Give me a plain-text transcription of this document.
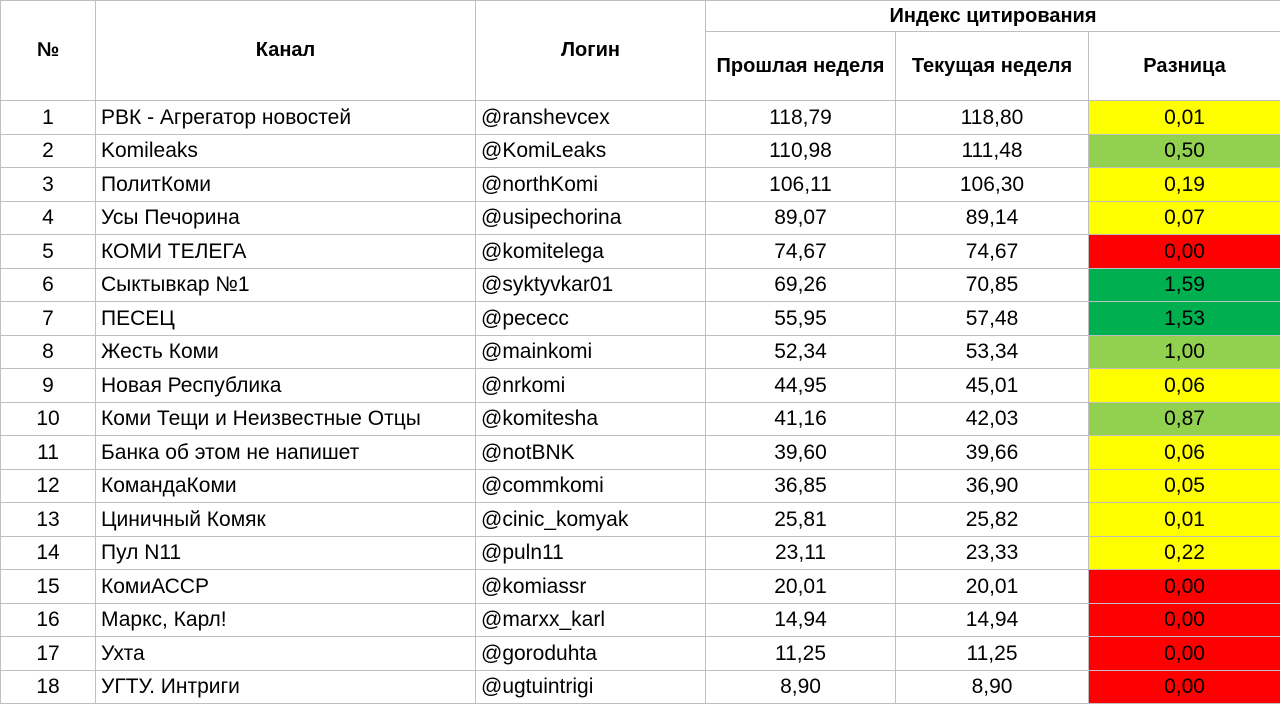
№	Канал	Логин	Индекс цитирования		
			Прошлая неделя	Текущая неделя	Разница
1	РВК - Агрегатор новостей	@ranshevcex	118,79	118,80	0,01
2	Komileaks	@KomiLeaks	110,98	111,48	0,50
3	ПолитКоми	@northKomi	106,11	106,30	0,19
4	Усы Печорина	@usipechorina	89,07	89,14	0,07
5	КОМИ ТЕЛЕГА	@komitelega	74,67	74,67	0,00
6	Сыктывкар №1	@syktyvkar01	69,26	70,85	1,59
7	ПЕСЕЦ	@pececc	55,95	57,48	1,53
8	Жесть Коми	@mainkomi	52,34	53,34	1,00
9	Новая Республика	@nrkomi	44,95	45,01	0,06
10	Коми Тещи и Неизвестные Отцы	@komitesha	41,16	42,03	0,87
11	Банка об этом не напишет	@notBNK	39,60	39,66	0,06
12	КомандаКоми	@commkomi	36,85	36,90	0,05
13	Циничный Комяк	@cinic_komyak	25,81	25,82	0,01
14	Пул N11	@puln11	23,11	23,33	0,22
15	КомиАССР	@komiassr	20,01	20,01	0,00
16	Маркс, Карл!	@marxx_karl	14,94	14,94	0,00
17	Ухта	@goroduhta	11,25	11,25	0,00
18	УГТУ. Интриги	@ugtuintrigi	8,90	8,90	0,00
